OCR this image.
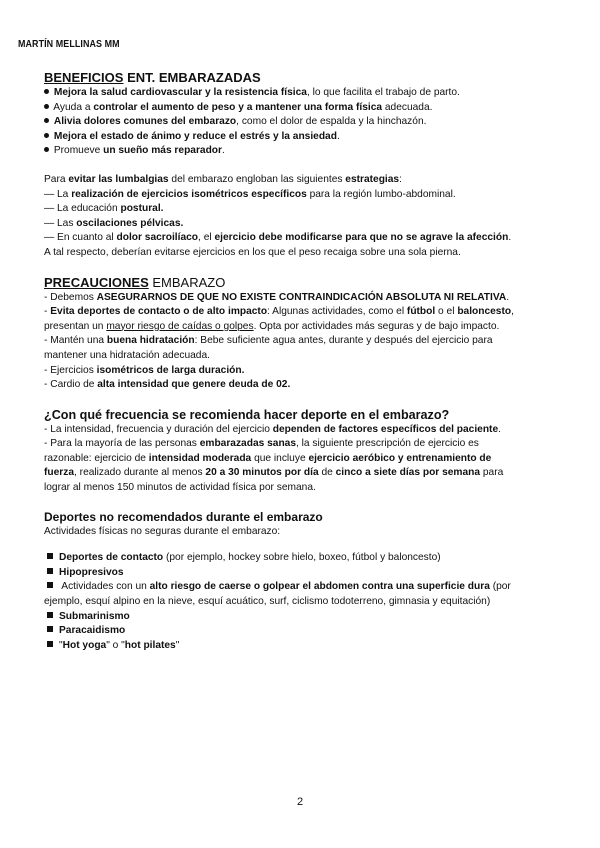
MARTÍN MELLINAS MM

BENEFICIOS ENT. EMBARAZADAS

Mejora la salud cardiovascular y la resistencia física, lo que facilita el trabajo de parto.

Ayuda a controlar el aumento de peso y a mantener una forma física adecuada.

Alivia dolores comunes del embarazo, como el dolor de espalda y la hinchazón.

Mejora el estado de ánimo y reduce el estrés y la ansiedad.

Promueve un sueño más reparador.

Para evitar las lumbalgias del embarazo engloban las siguientes estrategias:

— La realización de ejercicios isométricos específicos para la región lumbo-abdominal.

— La educación postural.

— Las oscilaciones pélvicas.

— En cuanto al dolor sacroilíaco, el ejercicio debe modificarse para que no se agrave la afección.

A tal respecto, deberían evitarse ejercicios en los que el peso recaiga sobre una sola pierna.

PRECAUCIONES EMBARAZO

- Debemos ASEGURARNOS DE QUE NO EXISTE CONTRAINDICACIÓN ABSOLUTA NI RELATIVA.

- Evita deportes de contacto o de alto impacto: Algunas actividades, como el fútbol o el baloncesto,

presentan un mayor riesgo de caídas o golpes. Opta por actividades más seguras y de bajo impacto.

- Mantén una buena hidratación: Bebe suficiente agua antes, durante y después del ejercicio para

mantener una hidratación adecuada.

- Ejercicios isométricos de larga duración.

- Cardio de alta intensidad que genere deuda de 02.

¿Con qué frecuencia se recomienda hacer deporte en el embarazo?

- La intensidad, frecuencia y duración del ejercicio dependen de factores específicos del paciente.

- Para la mayoría de las personas embarazadas sanas, la siguiente prescripción de ejercicio es

razonable: ejercicio de intensidad moderada que incluye ejercicio aeróbico y entrenamiento de

fuerza, realizado durante al menos 20 a 30 minutos por día de cinco a siete días por semana para

lograr al menos 150 minutos de actividad física por semana.

Deportes no recomendados durante el embarazo

Actividades físicas no seguras durante el embarazo:

Deportes de contacto (por ejemplo, hockey sobre hielo, boxeo, fútbol y baloncesto)

Hipopresivos

Actividades con un alto riesgo de caerse o golpear el abdomen contra una superficie dura (por

ejemplo, esquí alpino en la nieve, esquí acuático, surf, ciclismo todoterreno, gimnasia y equitación)

Submarinismo

Paracaidismo

"Hot yoga" o "hot pilates"

2
